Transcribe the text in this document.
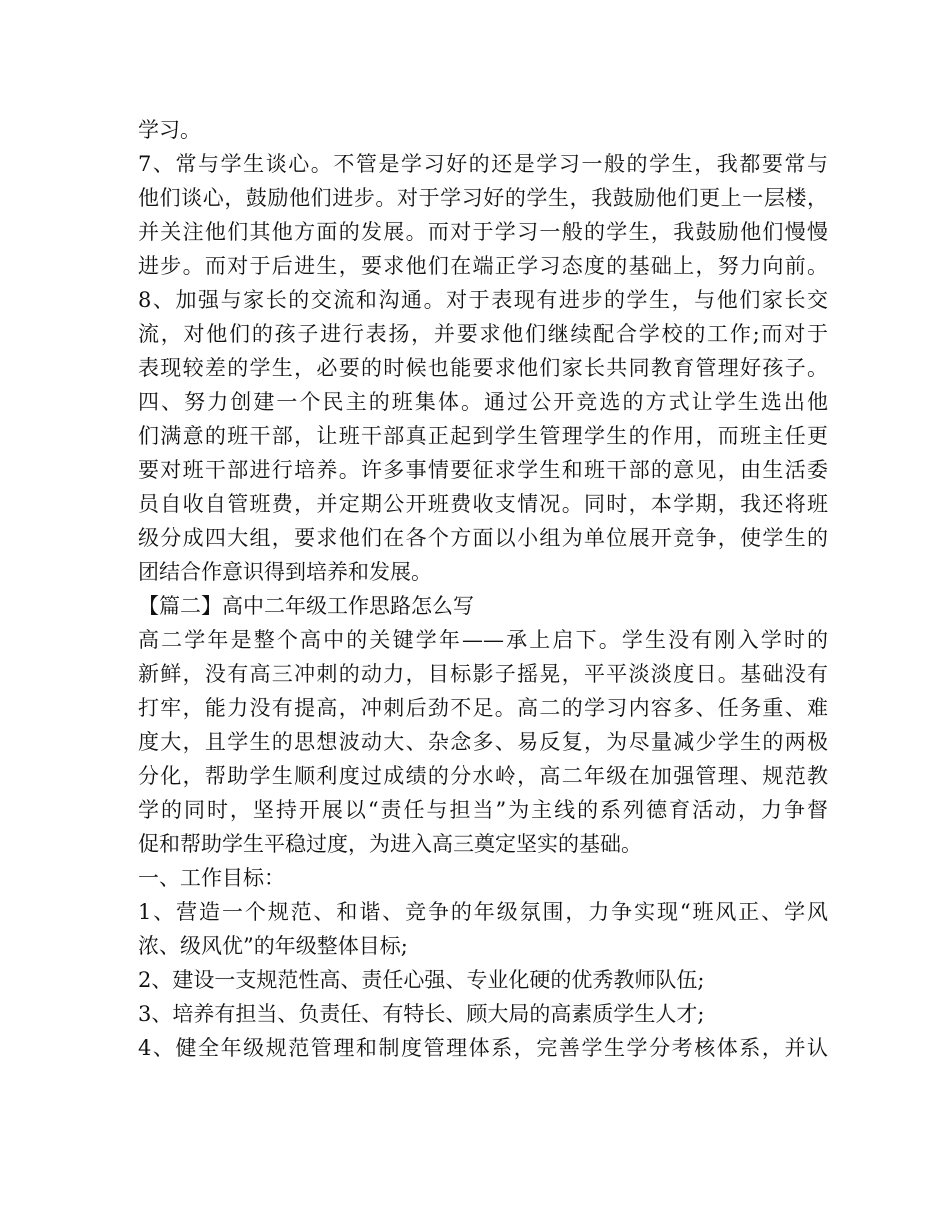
学习。
7、常与学生谈心。不管是学习好的还是学习一般的学生，我都要常与
他们谈心，鼓励他们进步。对于学习好的学生，我鼓励他们更上一层楼，
并关注他们其他方面的发展。而对于学习一般的学生，我鼓励他们慢慢
进步。而对于后进生，要求他们在端正学习态度的基础上，努力向前。
8、加强与家长的交流和沟通。对于表现有进步的学生，与他们家长交
流，对他们的孩子进行表扬，并要求他们继续配合学校的工作;而对于
表现较差的学生，必要的时候也能要求他们家长共同教育管理好孩子。
四、努力创建一个民主的班集体。通过公开竞选的方式让学生选出他
们满意的班干部，让班干部真正起到学生管理学生的作用，而班主任更
要对班干部进行培养。许多事情要征求学生和班干部的意见，由生活委
员自收自管班费，并定期公开班费收支情况。同时，本学期，我还将班
级分成四大组，要求他们在各个方面以小组为单位展开竞争，使学生的
团结合作意识得到培养和发展。
【篇二】高中二年级工作思路怎么写
高二学年是整个高中的关键学年——承上启下。学生没有刚入学时的
新鲜，没有高三冲刺的动力，目标影子摇晃，平平淡淡度日。基础没有
打牢，能力没有提高，冲刺后劲不足。高二的学习内容多、任务重、难
度大，且学生的思想波动大、杂念多、易反复，为尽量减少学生的两极
分化，帮助学生顺利度过成绩的分水岭，高二年级在加强管理、规范教
学的同时，坚持开展以“责任与担当”为主线的系列德育活动，力争督
促和帮助学生平稳过度，为进入高三奠定坚实的基础。
一、工作目标：
1、营造一个规范、和谐、竞争的年级氛围，力争实现“班风正、学风
浓、级风优”的年级整体目标;
2、建设一支规范性高、责任心强、专业化硬的优秀教师队伍;
3、培养有担当、负责任、有特长、顾大局的高素质学生人才;
4、健全年级规范管理和制度管理体系，完善学生学分考核体系，并认
